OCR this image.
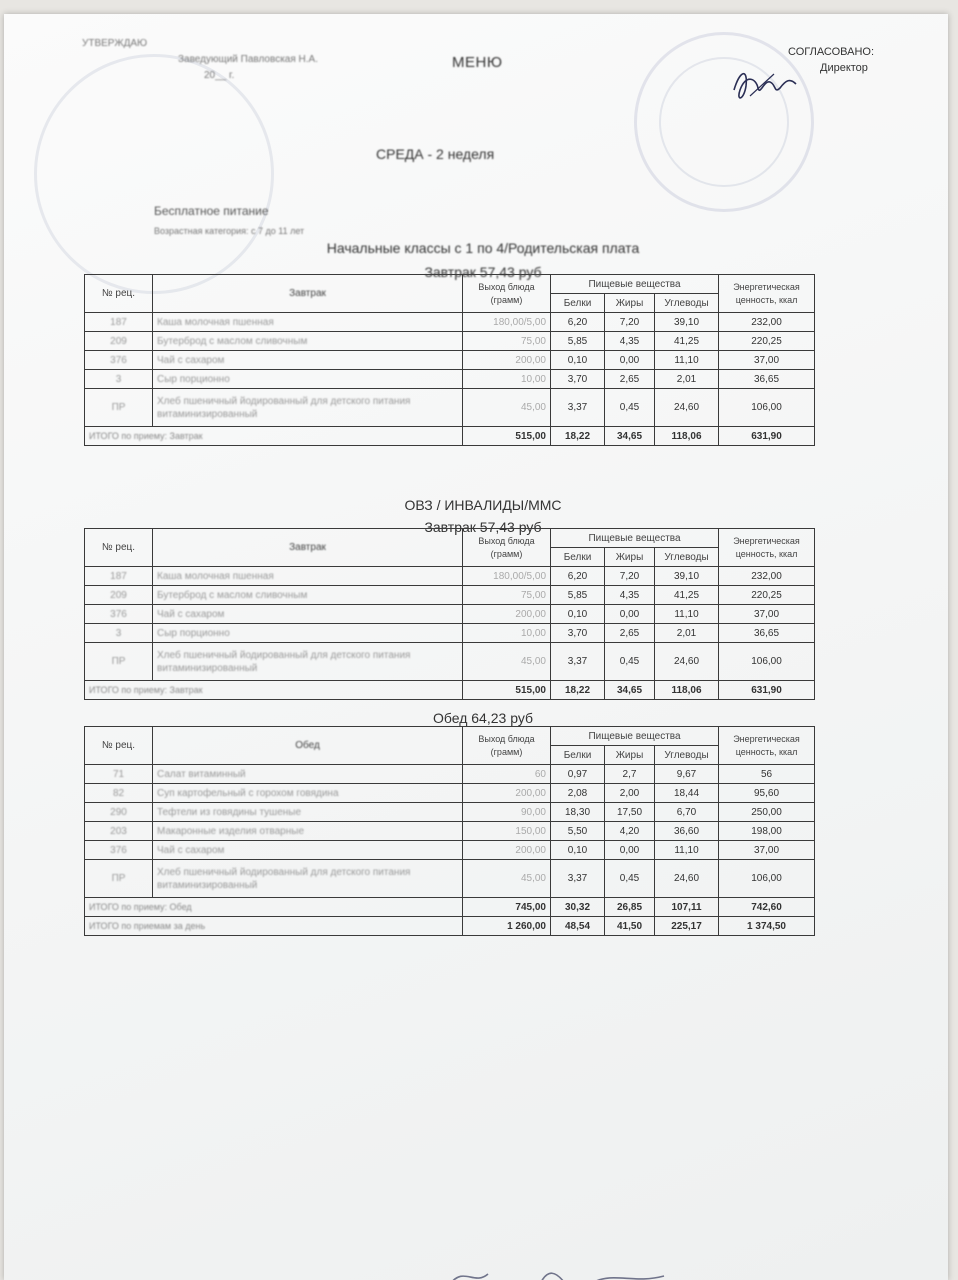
УТВЕРЖДАЮ
Заведующий Павловская Н.А.
20__ г.
МЕНЮ
СОГЛАСОВАНО:
Директор
СРЕДА - 2 неделя
Бесплатное питание
Возрастная категория: с 7 до 11 лет
Начальные классы с 1 по 4/Родительская плата
Завтрак 57,43 руб
№ рец.	Завтрак	Выход блюда (грамм)	Пищевые вещества			Энергетическая ценность, ккал
			Белки	Жиры	Углеводы	
187	Каша молочная пшенная	180,00/5,00	6,20	7,20	39,10	232,00
209	Бутерброд с маслом сливочным	75,00	5,85	4,35	41,25	220,25
376	Чай с сахаром	200,00	0,10	0,00	11,10	37,00
3	Сыр порционно	10,00	3,70	2,65	2,01	36,65
ПР	Хлеб пшеничный йодированный для детского питания витаминизированный	45,00	3,37	0,45	24,60	106,00
ИТОГО по приему: Завтрак		515,00	18,22	34,65	118,06	631,90
ОВЗ / ИНВАЛИДЫ/ММС
Завтрак 57,43 руб
№ рец.	Завтрак	Выход блюда (грамм)	Пищевые вещества			Энергетическая ценность, ккал
			Белки	Жиры	Углеводы	
187	Каша молочная пшенная	180,00/5,00	6,20	7,20	39,10	232,00
209	Бутерброд с маслом сливочным	75,00	5,85	4,35	41,25	220,25
376	Чай с сахаром	200,00	0,10	0,00	11,10	37,00
3	Сыр порционно	10,00	3,70	2,65	2,01	36,65
ПР	Хлеб пшеничный йодированный для детского питания витаминизированный	45,00	3,37	0,45	24,60	106,00
ИТОГО по приему: Завтрак		515,00	18,22	34,65	118,06	631,90
Обед 64,23 руб
№ рец.	Обед	Выход блюда (грамм)	Пищевые вещества			Энергетическая ценность, ккал
			Белки	Жиры	Углеводы	
71	Салат витаминный	60	0,97	2,7	9,67	56
82	Суп картофельный с горохом говядина	200,00	2,08	2,00	18,44	95,60
290	Тефтели из говядины тушеные	90,00	18,30	17,50	6,70	250,00
203	Макаронные изделия отварные	150,00	5,50	4,20	36,60	198,00
376	Чай с сахаром	200,00	0,10	0,00	11,10	37,00
ПР	Хлеб пшеничный йодированный для детского питания витаминизированный	45,00	3,37	0,45	24,60	106,00
ИТОГО по приему: Обед		745,00	30,32	26,85	107,11	742,60
ИТОГО по приемам за день		1 260,00	48,54	41,50	225,17	1 374,50
